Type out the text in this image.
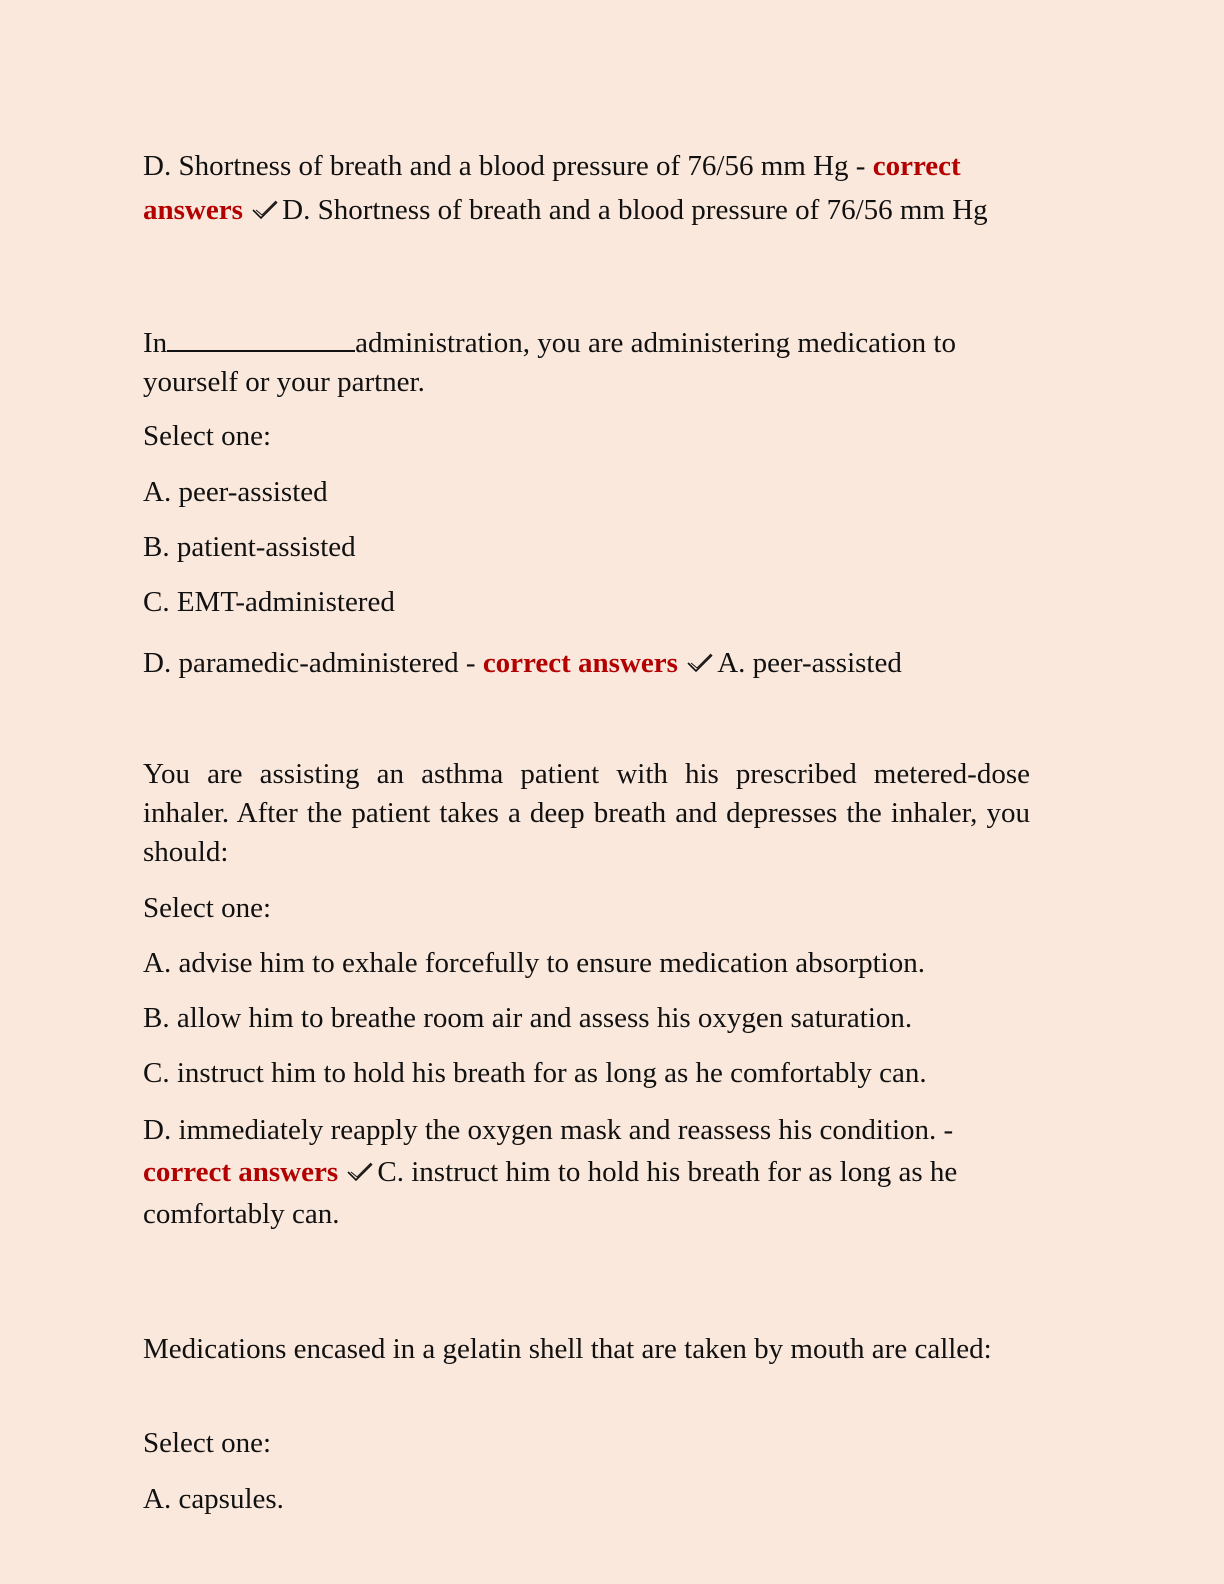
D. Shortness of breath and a blood pressure of 76/56 mm Hg - correct answers D. Shortness of breath and a blood pressure of 76/56 mm Hg
In	administration, you are administering medication to yourself or your partner.
Select one:
A. peer-assisted
B. patient-assisted
C. EMT-administered
D. paramedic-administered - correct answers A. peer-assisted
You are assisting an asthma patient with his prescribed metered-dose inhaler. After the patient takes a deep breath and depresses the inhaler, you should:
Select one:
A. advise him to exhale forcefully to ensure medication absorption.
B. allow him to breathe room air and assess his oxygen saturation.
C. instruct him to hold his breath for as long as he comfortably can.
D. immediately reapply the oxygen mask and reassess his condition. - correct answers C. instruct him to hold his breath for as long as he comfortably can.
Medications encased in a gelatin shell that are taken by mouth are called:
Select one:
A. capsules.
